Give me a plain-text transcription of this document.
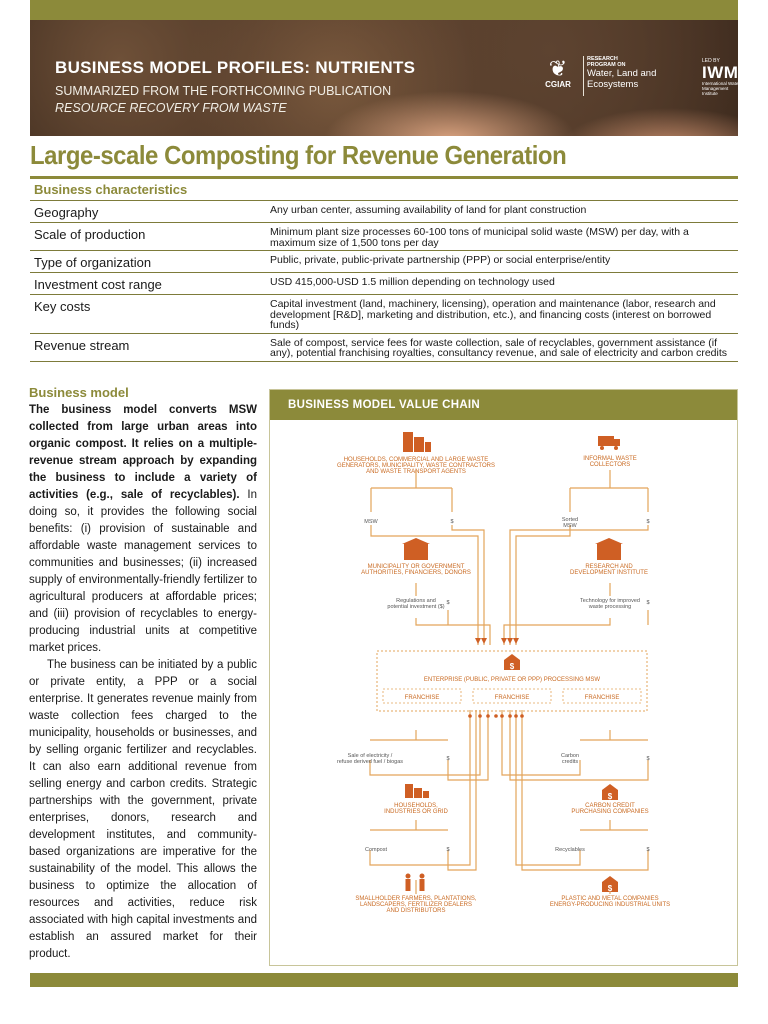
BUSINESS MODEL PROFILES: NUTRIENTS
SUMMARIZED FROM THE FORTHCOMING PUBLICATION
RESOURCE RECOVERY FROM WASTE
❦
CGIAR
RESEARCH
PROGRAM ON
Water, Land and
Ecosystems
LED BY
IWMI
International Water Management Institute
Large-scale Composting for Revenue Generation
Business characteristics
Geography	Any urban center, assuming availability of land for plant construction
Scale of production	Minimum plant size processes 60-100 tons of municipal solid waste (MSW) per day, with a maximum size of 1,500 tons per day
Type of organization	Public, private, public-private partnership (PPP) or social enterprise/entity
Investment cost range	USD 415,000-USD 1.5 million depending on technology used
Key costs	Capital investment (land, machinery, licensing), operation and maintenance (labor, research and development [R&D], marketing and distribution, etc.), and financing costs (interest on borrowed funds)
Revenue stream	Sale of compost, service fees for waste collection, sale of recyclables, government assistance (if any), potential franchising royalties, consultancy revenue, and sale of electricity and carbon credits
Business model

The business model converts MSW collected from large urban areas into organic compost. It relies on a multiple-revenue stream approach by expanding the business to include a variety of activities (e.g., sale of recyclables). In doing so, it provides the following social benefits: (i) provision of sustainable and affordable waste management services to communities and businesses; (ii) increased supply of environmentally-friendly fertilizer to agricultural producers at affordable prices; and (iii) provision of recyclables to energy-producing industrial units at competitive market prices.

The business can be initiated by a public or private entity, a PPP or a social enterprise. It generates revenue mainly from waste collection fees charged to the municipality, households or businesses, and by selling organic fertilizer and recyclables. It can also earn additional revenue from selling energy and carbon credits. Strategic partnerships with the government, private enterprises, donors, research and development institutes, and community-based organizations are imperative for the sustainability of the model. This allows the business to optimize the allocation of resources and activities, reduce risk associated with high capital investments and establish an assured market for their product.

BUSINESS MODEL VALUE CHAIN
HOUSEHOLDS, COMMERCIAL AND LARGE WASTE
GENERATORS, MUNICIPALITY, WASTE CONTRACTORS
AND WASTE TRANSPORT AGENTS
INFORMAL WASTE
COLLECTORS
MSW	$	Sorted
MSW
$
MUNICIPALITY OR GOVERNMENT
AUTHORITIES, FINANCIERS, DONORS
RESEARCH AND
DEVELOPMENT INSTITUTE
Regulations and
potential investment ($)
$	Technology for improved
waste processing
$
$
ENTERPRISE (PUBLIC, PRIVATE OR PPP) PROCESSING MSW
FRANCHISE	FRANCHISE	FRANCHISE
Sale of electricity /
refuse derived fuel / biogas	$	Carbon
credits	$
HOUSEHOLDS,
INDUSTRIES OR GRID
$
CARBON CREDIT
PURCHASING COMPANIES
Compost	$	Recyclables	$
SMALLHOLDER FARMERS, PLANTATIONS,
LANDSCAPERS, FERTILIZER DEALERS
AND DISTRIBUTORS
$
PLASTIC AND METAL COMPANIES
ENERGY-PRODUCING INDUSTRIAL UNITS
